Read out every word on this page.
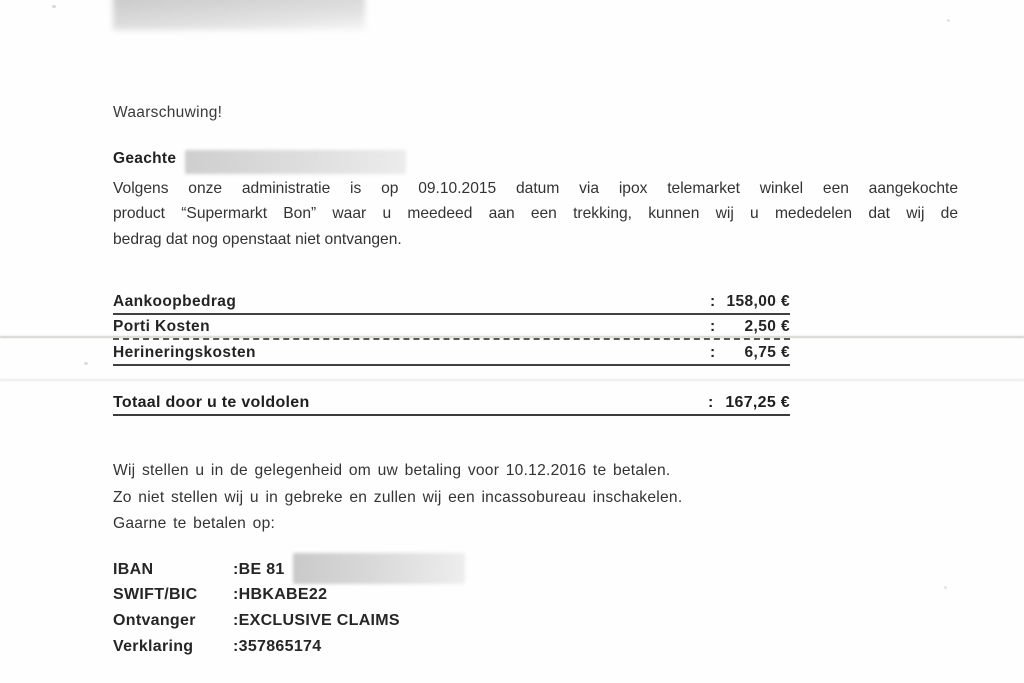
Waarschuwing!
Geachte
Volgens onze administratie is op 09.10.2015 datum via ipox telemarket winkel een aangekochte
product “Supermarkt Bon” waar u meedeed aan een trekking, kunnen wij u mededelen dat wij de
bedrag dat nog openstaat niet ontvangen.
Aankoopbedrag	: 158,00 €
Porti Kosten	: 2,50 €
Herineringskosten	: 6,75 €
Totaal door u te voldolen	: 167,25 €
Wij stellen u in de gelegenheid om uw betaling voor 10.12.2016 te betalen.
Zo niet stellen wij u in gebreke en zullen wij een incassobureau inschakelen.
Gaarne te betalen op:
IBAN	:BE 81
SWIFT/BIC	:HBKABE22
Ontvanger	:EXCLUSIVE CLAIMS
Verklaring	:357865174
